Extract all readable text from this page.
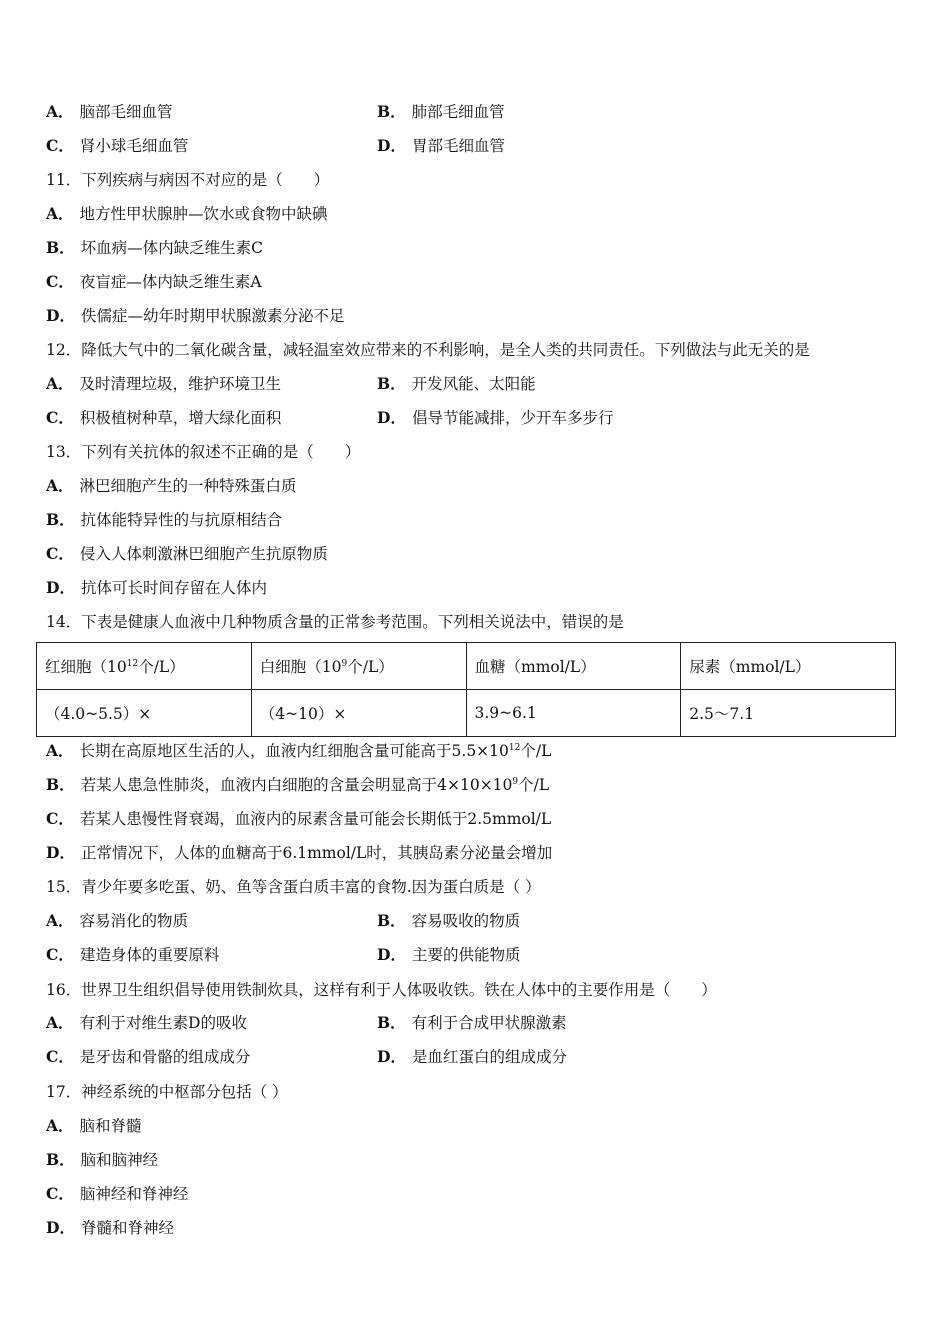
A． 脑部毛细血管	B． 肺部毛细血管
C． 肾小球毛细血管	D． 胃部毛细血管
11．下列疾病与病因不对应的是（　　）
A． 地方性甲状腺肿—饮水或食物中缺碘
B． 坏血病—体内缺乏维生素C
C． 夜盲症—体内缺乏维生素A
D． 佚儒症—幼年时期甲状腺激素分泌不足
12．降低大气中的二氧化碳含量，减轻温室效应带来的不利影响，是全人类的共同责任。下列做法与此无关的是
A． 及时清理垃圾，维护环境卫生	B． 开发风能、太阳能
C． 积极植树种草，增大绿化面积	D． 倡导节能减排，少开车多步行
13．下列有关抗体的叙述不正确的是（　　）
A． 淋巴细胞产生的一种特殊蛋白质
B． 抗体能特异性的与抗原相结合
C． 侵入人体刺激淋巴细胞产生抗原物质
D． 抗体可长时间存留在人体内
14．下表是健康人血液中几种物质含量的正常参考范围。下列相关说法中，错误的是
红细胞（$10^{12}$个/L）	白细胞（$10^9$个/L）	血糖（mmol/L）	尿素（mmol/L）
（4.0~5.5）×	（4~10）×	3.9~6.1	2.5～7.1
A． 长期在高原地区生活的人，血液内红细胞含量可能高于$5.5\times 10^{12}$个/L
B． 若某人患急性肺炎，血液内白细胞的含量会明显高于$4\times 10\times 10^9$个/L
C． 若某人患慢性肾衰竭，血液内的尿素含量可能会长期低于2.5mmol/L
D． 正常情况下，人体的血糖高于6.1mmol/L时，其胰岛素分泌量会增加
15．青少年要多吃蛋、奶、鱼等含蛋白质丰富的食物.因为蛋白质是（ ）
A． 容易消化的物质	B． 容易吸收的物质
C． 建造身体的重要原料	D． 主要的供能物质
16．世界卫生组织倡导使用铁制炊具，这样有利于人体吸收铁。铁在人体中的主要作用是（　　）
A． 有利于对维生素D的吸收	B． 有利于合成甲状腺激素
C． 是牙齿和骨骼的组成成分	D． 是血红蛋白的组成成分
17．神经系统的中枢部分包括（ ）
A． 脑和脊髓
B． 脑和脑神经
C． 脑神经和脊神经
D． 脊髓和脊神经
